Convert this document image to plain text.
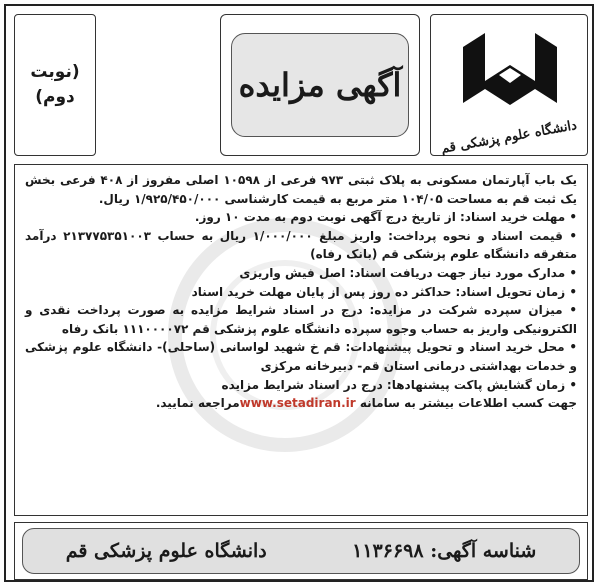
(نوبت
دوم)	آگهی مزایده
دانشگاه علوم پزشکی قم

یک باب آپارتمان مسکونی به پلاک ثبتی ۹۷۳ فرعی از ۱۰۵۹۸ اصلی مفروز از ۴۰۸ فرعی بخش یک ثبت قم به مساحت ۱۰۴/۰۵ متر مربع به قیمت کارشناسی ۱/۹۲۵/۴۵۰/۰۰۰ ریال.

• مهلت خرید اسناد: از تاریخ درج آگهی نوبت دوم به مدت ۱۰ روز.

• قیمت اسناد و نحوه پرداخت: واریز مبلغ ۱/۰۰۰/۰۰۰ ریال به حساب ۲۱۳۷۷۵۳۵۱۰۰۳ درآمد متفرقه دانشگاه علوم پزشکی قم (بانک رفاه)

• مدارک مورد نیاز جهت دریافت اسناد: اصل فیش واریزی

• زمان تحویل اسناد: حداکثر ده روز پس از پایان مهلت خرید اسناد

• میزان سپرده شرکت در مزایده: درج در اسناد شرایط مزایده به صورت پرداخت نقدی و الکترونیکی واریز به حساب وجوه سپرده دانشگاه علوم پزشکی قم ۱۱۱۰۰۰۰۷۲ بانک رفاه

• محل خرید اسناد و تحویل پیشنهادات: قم خ شهید لواسانی (ساحلی)- دانشگاه علوم پزشکی و خدمات بهداشتی درمانی استان قم- دبیرخانه مرکزی

• زمان گشایش پاکت پیشنهادها: درج در اسناد شرایط مزایده

جهت کسب اطلاعات بیشتر به سامانه www.setadiran.irمراجعه نمایید.

شناسه آگهی: ۱۱۳۶۶۹۸
دانشگاه علوم پزشکی قم
